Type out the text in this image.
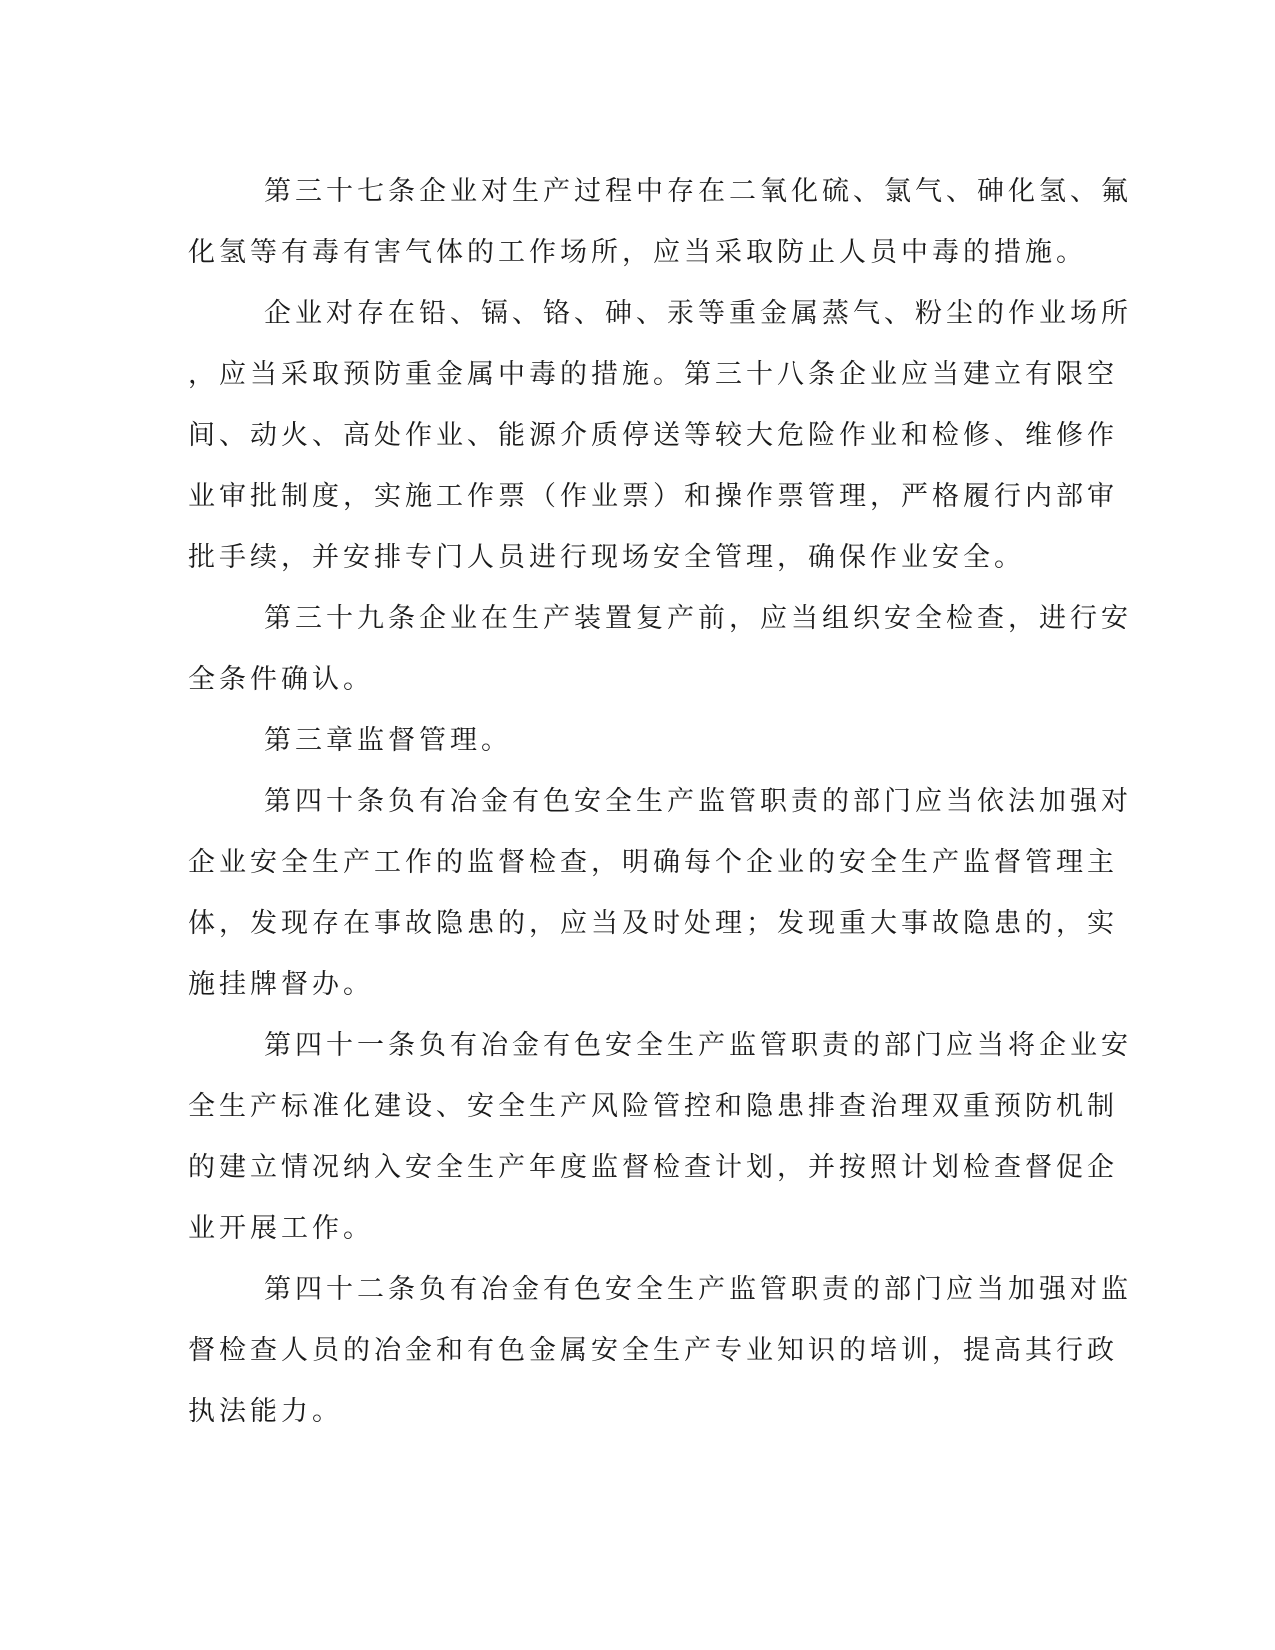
第三十七条企业对生产过程中存在二氧化硫、氯气、砷化氢、氟
化氢等有毒有害气体的工作场所，应当采取防止人员中毒的措施。
企业对存在铅、镉、铬、砷、汞等重金属蒸气、粉尘的作业场所
，应当采取预防重金属中毒的措施。第三十八条企业应当建立有限空
间、动火、高处作业、能源介质停送等较大危险作业和检修、维修作
业审批制度，实施工作票（作业票）和操作票管理，严格履行内部审
批手续，并安排专门人员进行现场安全管理，确保作业安全。
第三十九条企业在生产装置复产前，应当组织安全检查，进行安
全条件确认。
第三章监督管理。
第四十条负有冶金有色安全生产监管职责的部门应当依法加强对
企业安全生产工作的监督检查，明确每个企业的安全生产监督管理主
体，发现存在事故隐患的，应当及时处理；发现重大事故隐患的，实
施挂牌督办。
第四十一条负有冶金有色安全生产监管职责的部门应当将企业安
全生产标准化建设、安全生产风险管控和隐患排查治理双重预防机制
的建立情况纳入安全生产年度监督检查计划，并按照计划检查督促企
业开展工作。
第四十二条负有冶金有色安全生产监管职责的部门应当加强对监
督检查人员的冶金和有色金属安全生产专业知识的培训，提高其行政
执法能力。
